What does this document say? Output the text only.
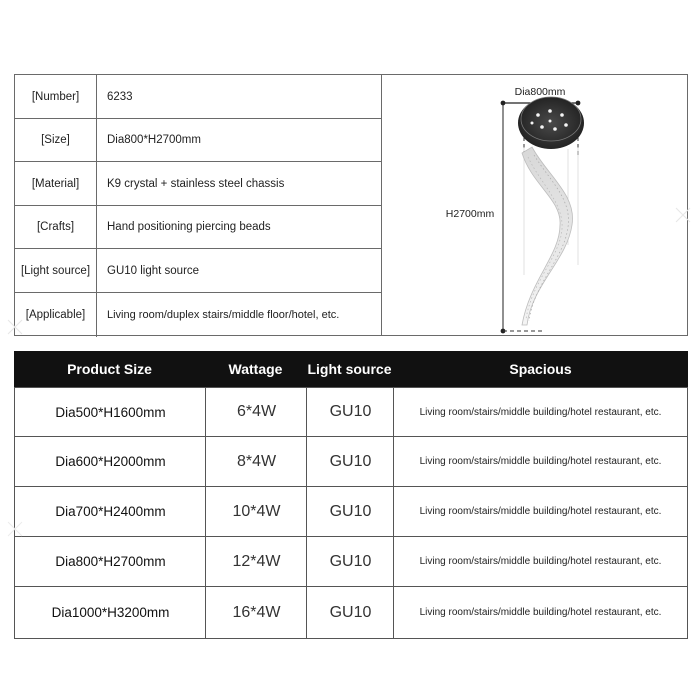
[Number]	6233
[Size]	Dia800*H2700mm
[Material]	K9 crystal + stainless steel chassis
[Crafts]	Hand positioning piercing beads
[Light source]	GU10 light source
[Applicable]	Living room/duplex stairs/middle floor/hotel, etc.
Dia800mm
H2700mm
Product Size	Wattage	Light source	Spacious
Dia500*H1600mm	6*4W	GU10	Living room/stairs/middle building/hotel restaurant, etc.
Dia600*H2000mm	8*4W	GU10	Living room/stairs/middle building/hotel restaurant, etc.
Dia700*H2400mm	10*4W	GU10	Living room/stairs/middle building/hotel restaurant, etc.
Dia800*H2700mm	12*4W	GU10	Living room/stairs/middle building/hotel restaurant, etc.
Dia1000*H3200mm	16*4W	GU10	Living room/stairs/middle building/hotel restaurant, etc.
